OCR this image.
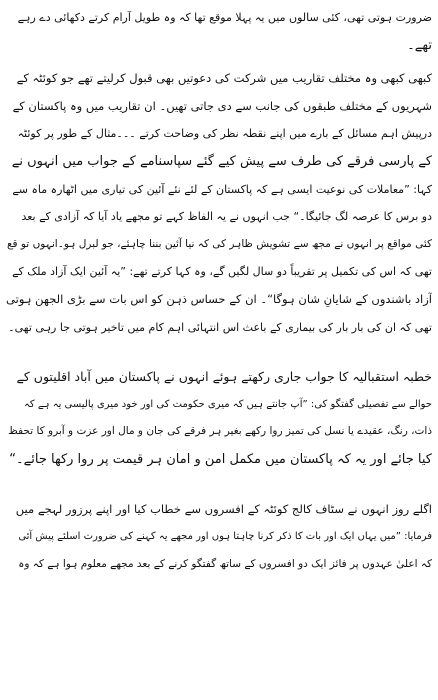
ضرورت ہوتی تھی، کئی سالوں میں یہ پہلا موقع تھا کہ وہ طویل آرام کرتے دکھائی دے رہے
تھے۔

کبھی کبھی وہ مختلف تقاریب میں شرکت کی دعوتیں بھی قبول کرلیتے تھے جو کوئٹہ کے
شہریوں کے مختلف طبقوں کی جانب سے دی جاتی تھیں۔ ان تقاریب میں وہ پاکستان کے
درپیش اہم مسائل کے بارے میں اپنے نقطہ نظر کی وضاحت کرتے ۔۔۔مثال کے طور پر کوئٹہ
کے پارسی فرقے کی طرف سے پیش کیے گئے سپاسنامے کے جواب میں انہوں نے
کہا: ”معاملات کی نوعیت ایسی ہے کہ پاکستان کے لئے نئے آئین کی تیاری میں اٹھارہ ماہ سے
دو برس کا عرصہ لگ جائیگا۔“ جب انہوں نے یہ الفاظ کہے تو مجھے یاد آیا کہ آزادی کے بعد
کئی مواقع پر انہوں نے مجھ سے تشویش ظاہر کی کہ نیا آئین بننا چاہئے، جو لبرل ہو۔انہوں تو قع
تھی کہ اس کی تکمیل پر تقریباً دو سال لگیں گے، وہ کہا کرتے تھے: ”یہ آئین ایک آزاد ملک کے
آزاد باشندوں کے شایانِ شان ہوگا“۔ ان کے حساس ذہن کو اس بات سے بڑی الجھن ہوتی
تھی کہ ان کی بار بار کی بیماری کے باعث اس انتہائی اہم کام میں تاخیر ہوتی جا رہی تھی۔

خطبہ استقبالیہ کا جواب جاری رکھتے ہوئے انہوں نے پاکستان میں آباد اقلیتوں کے
حوالے سے تفصیلی گفتگو کی: ”آپ جانتے ہیں کہ میری حکومت کی اور خود میری پالیسی یہ ہے کہ
ذات، رنگ، عقیدے یا نسل کی تمیز روا رکھے بغیر ہر فرقے کی جان و مال اور عزت و آبرو کا تحفظ
کیا جائے اور یہ کہ پاکستان میں مکمل امن و امان ہر قیمت پر روا رکھا جائے۔“

اگلے روز انہوں نے سٹاف کالج کوئٹہ کے افسروں سے خطاب کیا اور اپنے پرزور لہجے میں
فرمایا: ”میں یہاں ایک اور بات کا ذکر کرنا چاہتا ہوں اور مجھے یہ کہنے کی ضرورت اسلئے پیش آئی
کہ اعلیٰ عہدوں پر فائز ایک دو افسروں کے ساتھ گفتگو کرنے کے بعد مجھے معلوم ہوا ہے کہ وہ
